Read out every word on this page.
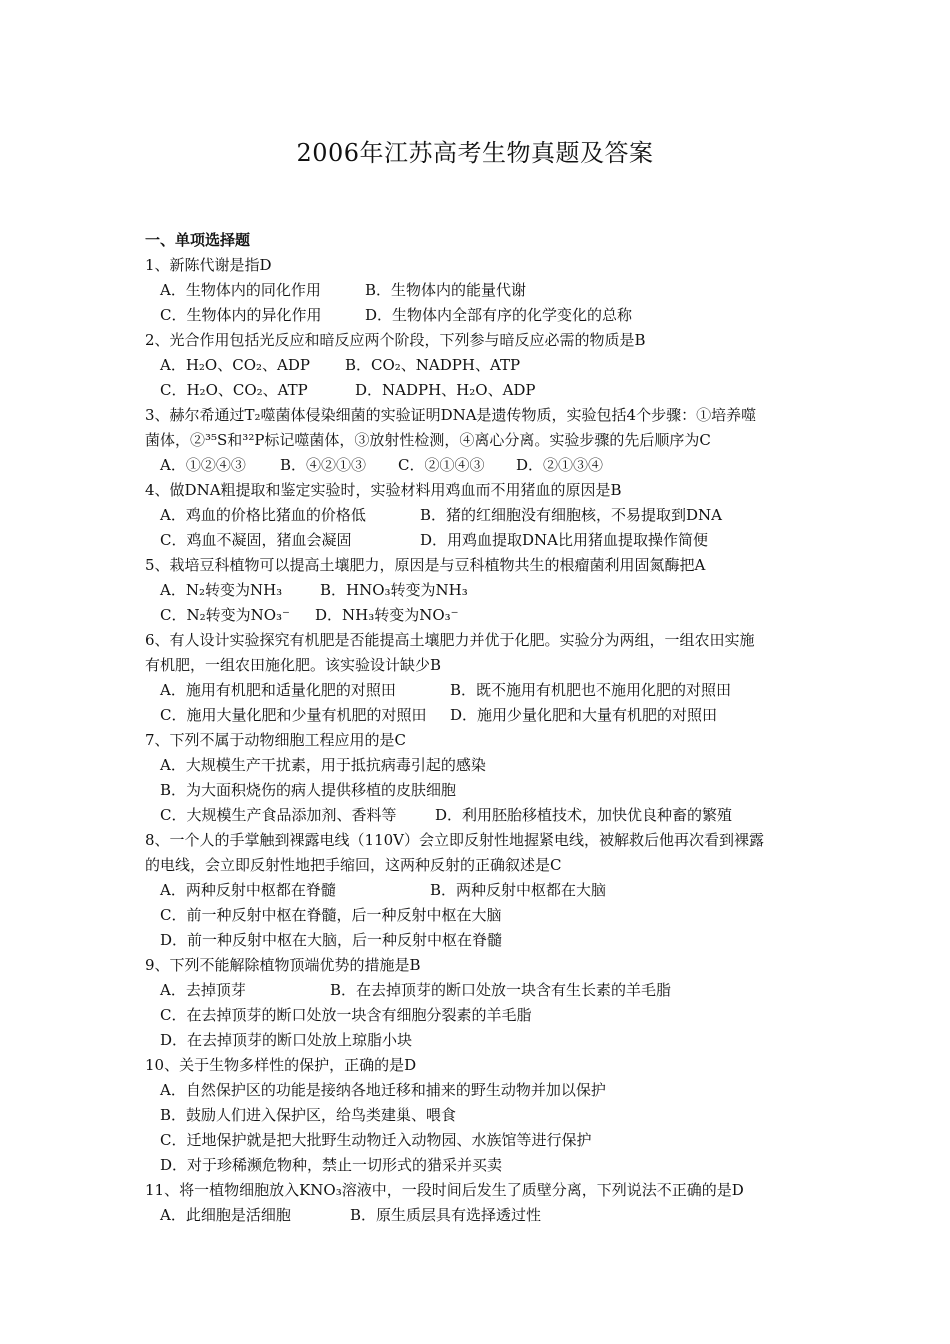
2006年江苏高考生物真题及答案
一、单项选择题
1、新陈代谢是指D
A．生物体内的同化作用	B．生物体内的能量代谢
C．生物体内的异化作用	D．生物体内全部有序的化学变化的总称
2、光合作用包括光反应和暗反应两个阶段，下列参与暗反应必需的物质是B
A．H₂O、CO₂、ADP B．CO₂、NADPH、ATP
C．H₂O、CO₂、ATP	D．NADPH、H₂O、ADP
3、赫尔希通过T₂噬菌体侵染细菌的实验证明DNA是遗传物质，实验包括4个步骤：①培养噬
菌体，②³⁵S和³²P标记噬菌体，③放射性检测，④离心分离。实验步骤的先后顺序为C
A．①②④③ B．④②①③ C．②①④③ D．②①③④
4、做DNA粗提取和鉴定实验时，实验材料用鸡血而不用猪血的原因是B
A．鸡血的价格比猪血的价格低	B．猪的红细胞没有细胞核，不易提取到DNA
C．鸡血不凝固，猪血会凝固	D．用鸡血提取DNA比用猪血提取操作简便
5、栽培豆科植物可以提高土壤肥力，原因是与豆科植物共生的根瘤菌利用固氮酶把A
A．N₂转变为NH₃	B．HNO₃转变为NH₃
C．N₂转变为NO₃⁻ D．NH₃转变为NO₃⁻
6、有人设计实验探究有机肥是否能提高土壤肥力并优于化肥。实验分为两组，一组农田实施
有机肥，一组农田施化肥。该实验设计缺少B
A．施用有机肥和适量化肥的对照田	B．既不施用有机肥也不施用化肥的对照田
C．施用大量化肥和少量有机肥的对照田 D．施用少量化肥和大量有机肥的对照田
7、下列不属于动物细胞工程应用的是C
A．大规模生产干扰素，用于抵抗病毒引起的感染
B．为大面积烧伤的病人提供移植的皮肤细胞
C．大规模生产食品添加剂、香料等	D．利用胚胎移植技术，加快优良种畜的繁殖
8、一个人的手掌触到裸露电线（110V）会立即反射性地握紧电线，被解救后他再次看到裸露
的电线，会立即反射性地把手缩回，这两种反射的正确叙述是C
A．两种反射中枢都在脊髓	B．两种反射中枢都在大脑
C．前一种反射中枢在脊髓，后一种反射中枢在大脑
D．前一种反射中枢在大脑，后一种反射中枢在脊髓
9、下列不能解除植物顶端优势的措施是B
A．去掉顶芽	B．在去掉顶芽的断口处放一块含有生长素的羊毛脂
C．在去掉顶芽的断口处放一块含有细胞分裂素的羊毛脂
D．在去掉顶芽的断口处放上琼脂小块
10、关于生物多样性的保护，正确的是D
A．自然保护区的功能是接纳各地迁移和捕来的野生动物并加以保护
B．鼓励人们进入保护区，给鸟类建巢、喂食
C．迁地保护就是把大批野生动物迁入动物园、水族馆等进行保护
D．对于珍稀濒危物种，禁止一切形式的猎采并买卖
11、将一植物细胞放入KNO₃溶液中，一段时间后发生了质壁分离，下列说法不正确的是D
A．此细胞是活细胞	B．原生质层具有选择透过性
